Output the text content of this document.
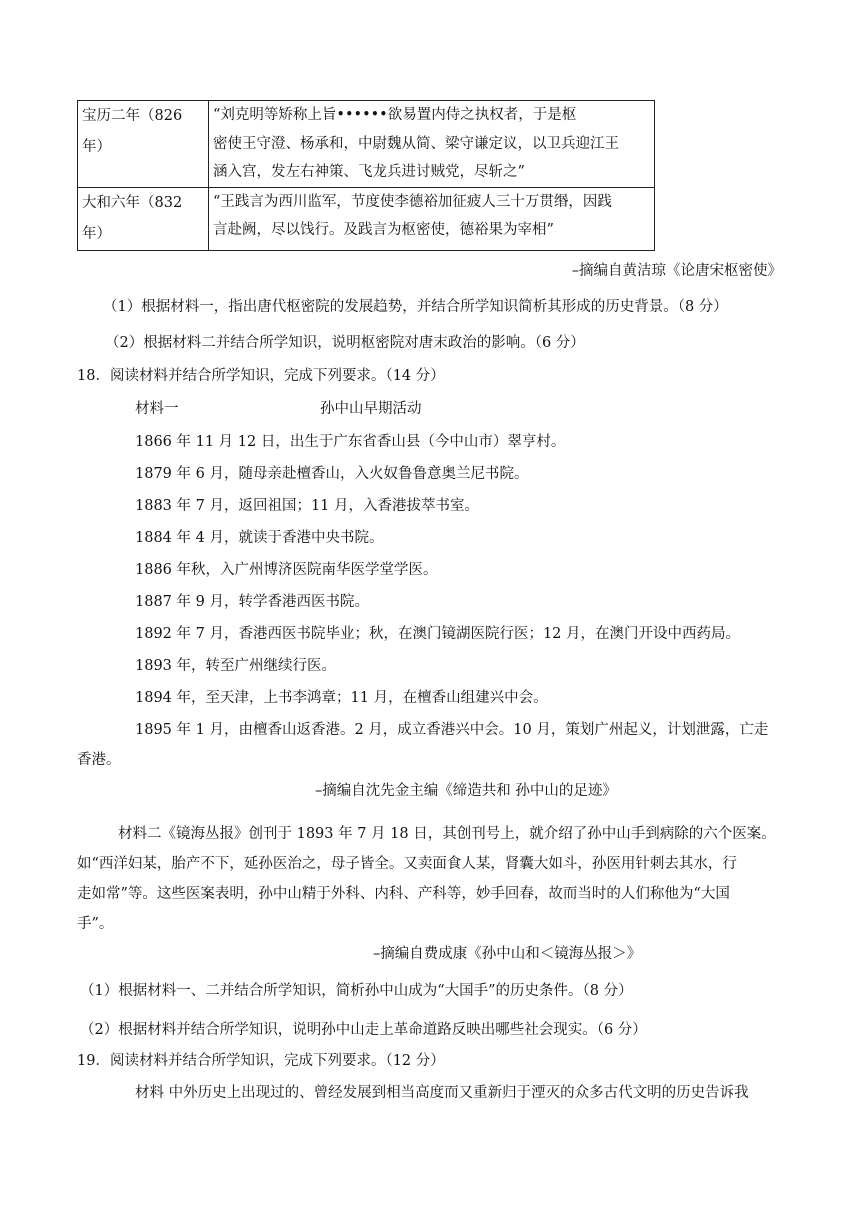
宝历二年（826 年）	“刘克明等矫称上旨••••••欲易置内侍之执权者，于是枢
密使王守澄、杨承和，中尉魏从简、梁守谦定议，以卫兵迎江王
涵入宫，发左右神策、飞龙兵进讨贼党，尽斩之”
大和六年（832 年）	“王践言为西川监军，节度使李德裕加征疲人三十万贯缗，因践
言赴阙，尽以饯行。及践言为枢密使，德裕果为宰相”
–摘编自黄洁琼《论唐宋枢密使》
（1）根据材料一，指出唐代枢密院的发展趋势，并结合所学知识简析其形成的历史背景。（8 分）
（2）根据材料二并结合所学知识，说明枢密院对唐末政治的影响。（6 分）
18．阅读材料并结合所学知识，完成下列要求。（14 分）
材料一	孙中山早期活动
1866 年 11 月 12 日，出生于广东省香山县（今中山市）翠亨村。
1879 年 6 月，随母亲赴檀香山，入火奴鲁鲁意奥兰尼书院。
1883 年 7 月，返回祖国；11 月，入香港拔萃书室。
1884 年 4 月，就读于香港中央书院。
1886 年秋，入广州博济医院南华医学堂学医。
1887 年 9 月，转学香港西医书院。
1892 年 7 月，香港西医书院毕业；秋，在澳门镜湖医院行医；12 月，在澳门开设中西药局。
1893 年，转至广州继续行医。
1894 年，至天津，上书李鸿章；11 月，在檀香山组建兴中会。
1895 年 1 月，由檀香山返香港。2 月，成立香港兴中会。10 月，策划广州起义，计划泄露，亡走
香港。
–摘编自沈先金主编《缔造共和 孙中山的足迹》
材料二《镜海丛报》创刊于 1893 年 7 月 18 日，其创刊号上，就介绍了孙中山手到病除的六个医案。
如“西洋妇某，胎产不下，延孙医治之，母子皆全。又卖面食人某，肾囊大如斗，孙医用针刺去其水，行
走如常”等。这些医案表明，孙中山精于外科、内科、产科等，妙手回春，故而当时的人们称他为“大国
手”。
–摘编自费成康《孙中山和＜镜海丛报＞》
（1）根据材料一、二并结合所学知识，简析孙中山成为“大国手”的历史条件。（8 分）
（2）根据材料并结合所学知识，说明孙中山走上革命道路反映出哪些社会现实。（6 分）
19．阅读材料并结合所学知识，完成下列要求。（12 分）
材料 中外历史上出现过的、曾经发展到相当高度而又重新归于湮灭的众多古代文明的历史告诉我
